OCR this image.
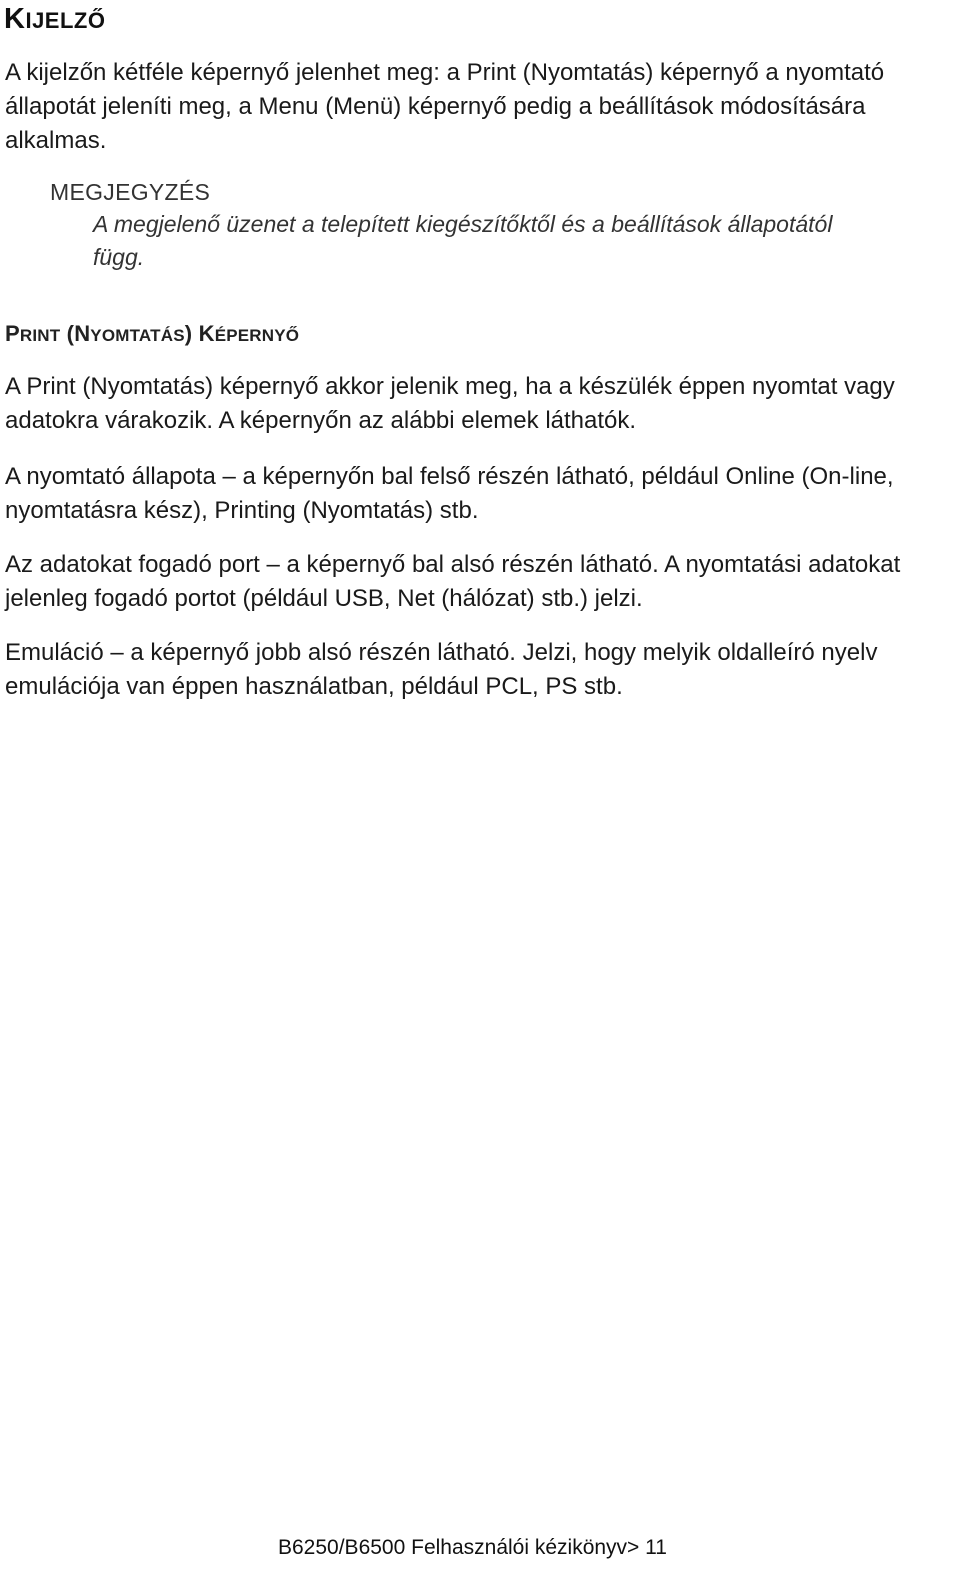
KIJELZŐ

A kijelzőn kétféle képernyő jelenhet meg: a Print (Nyomtatás) képernyő a nyomtató állapotát jeleníti meg, a Menu (Menü) képernyő pedig a beállítások módosítására alkalmas.

MEGJEGYZÉS

A megjelenő üzenet a telepített kiegészítőktől és a beállítások állapotától függ.

PRINT (NYOMTATÁS) KÉPERNYŐ

A Print (Nyomtatás) képernyő akkor jelenik meg, ha a készülék éppen nyomtat vagy adatokra várakozik. A képernyőn az alábbi elemek láthatók.

A nyomtató állapota – a képernyőn bal felső részén látható, például Online (On-line, nyomtatásra kész), Printing (Nyomtatás) stb.

Az adatokat fogadó port – a képernyő bal alsó részén látható. A nyomtatási adatokat jelenleg fogadó portot (például USB, Net (hálózat) stb.) jelzi.

Emuláció – a képernyő jobb alsó részén látható. Jelzi, hogy melyik oldalleíró nyelv emulációja van éppen használatban, például PCL, PS stb.

B6250/B6500 Felhasználói kézikönyv> 11
